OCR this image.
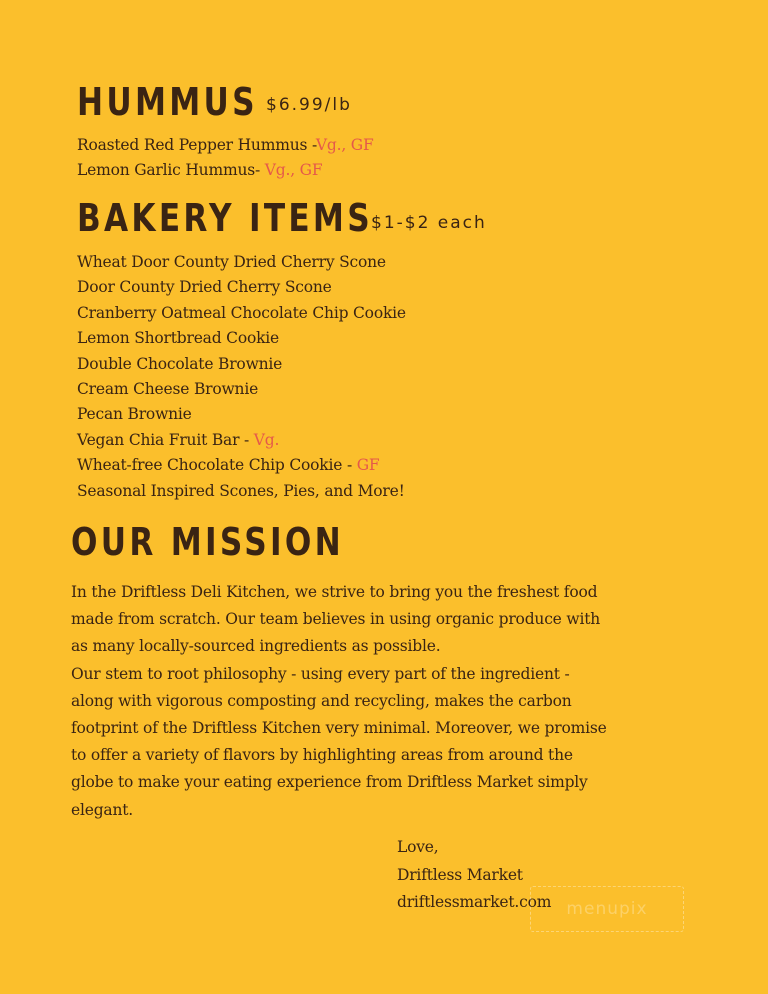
HUMMUS $6.99/lb
Roasted Red Pepper Hummus -Vg., GF
Lemon Garlic Hummus- Vg., GF
BAKERY ITEMS
$1-$2 each
Wheat Door County Dried Cherry Scone
Door County Dried Cherry Scone
Cranberry Oatmeal Chocolate Chip Cookie
Lemon Shortbread Cookie
Double Chocolate Brownie
Cream Cheese Brownie
Pecan Brownie
Vegan Chia Fruit Bar - Vg.
Wheat-free Chocolate Chip Cookie - GF
Seasonal Inspired Scones, Pies, and More!
OUR MISSION

In the Driftless Deli Kitchen, we strive to bring you the freshest food

made from scratch. Our team believes in using organic produce with

as many locally-sourced ingredients as possible.

Our stem to root philosophy - using every part of the ingredient -

along with vigorous composting and recycling, makes the carbon

footprint of the Driftless Kitchen very minimal. Moreover, we promise

to offer a variety of flavors by highlighting areas from around the

globe to make your eating experience from Driftless Market simply

elegant.

Love,
Driftless Market
driftlessmarket.com menupix
